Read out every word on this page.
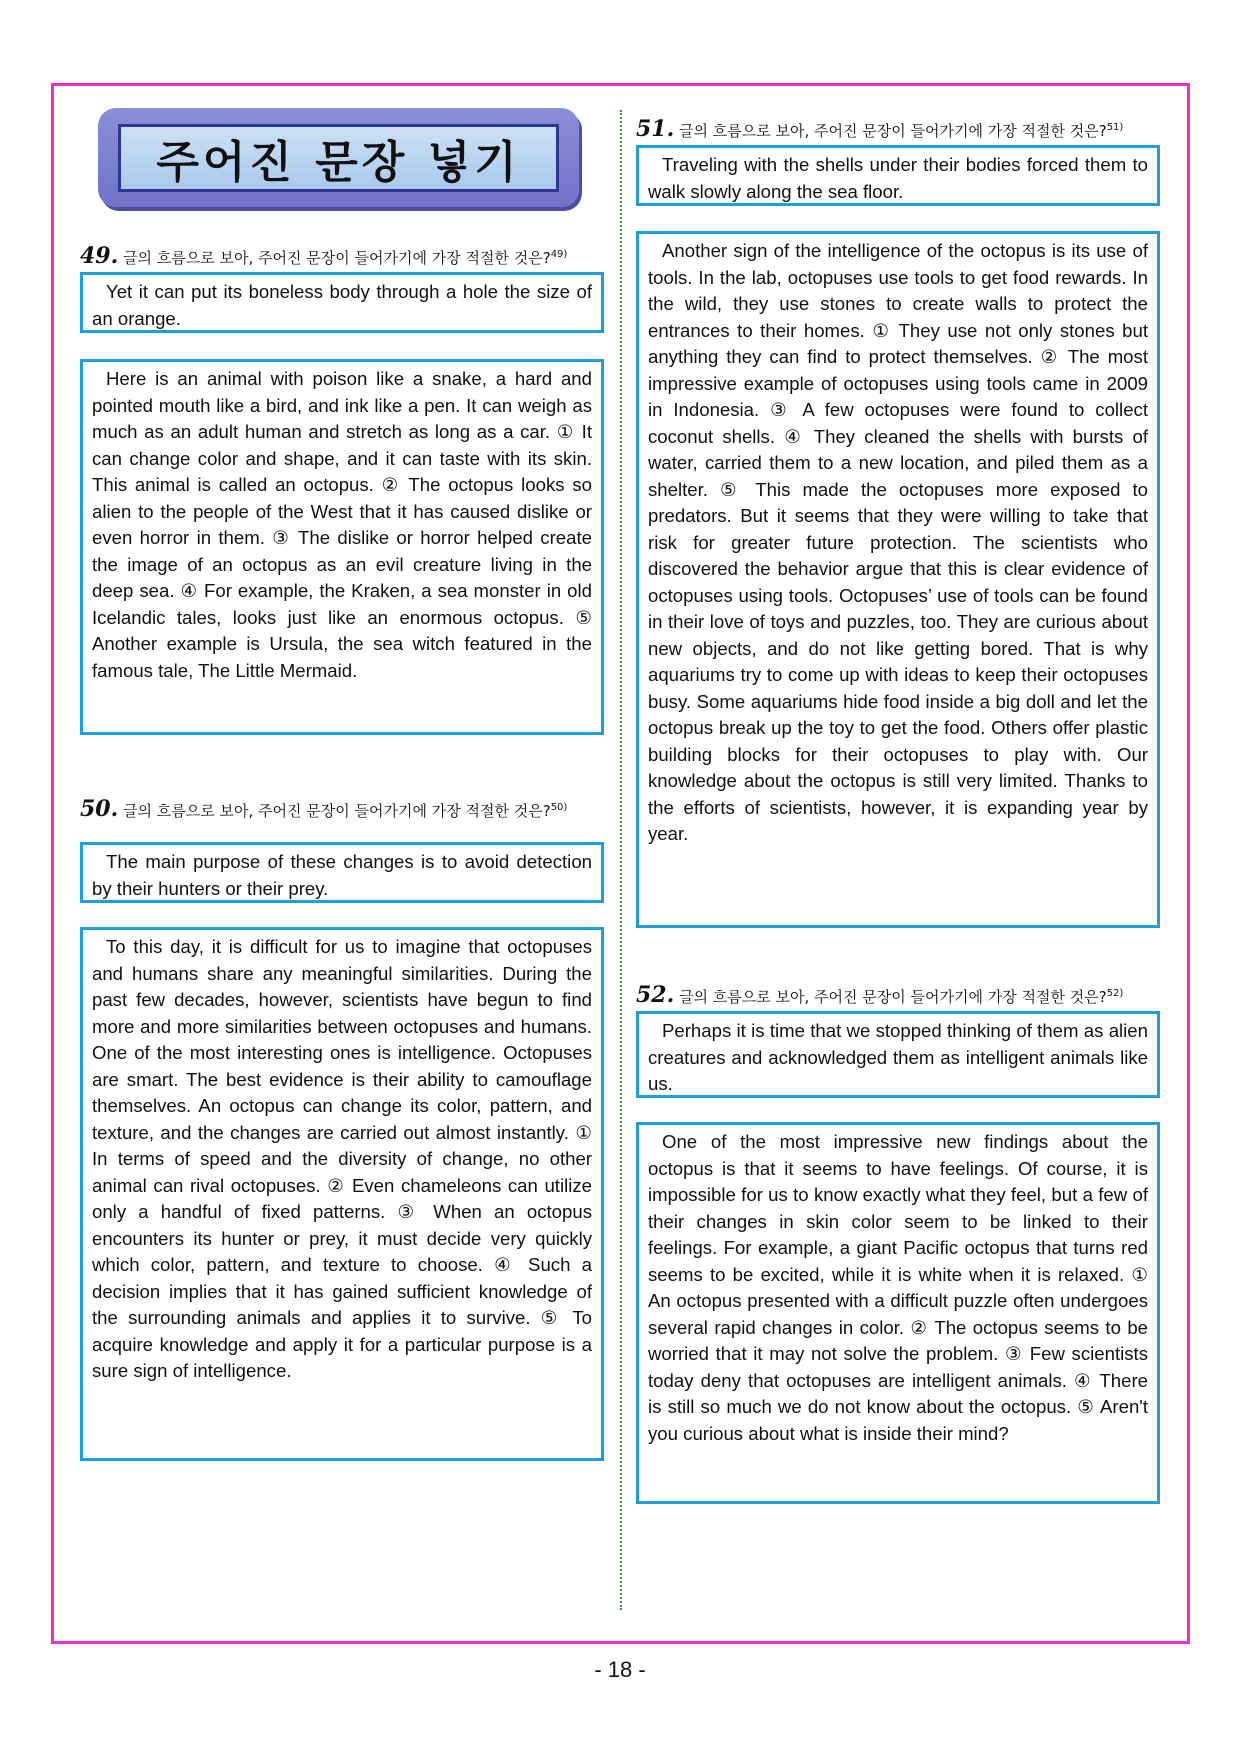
주어진 문장 넣기
49. 글의 흐름으로 보아, 주어진 문장이 들어가기에 가장 적절한 것은?$^{49)}$
Yet it can put its boneless body through a hole the size of an orange.
Here is an animal with poison like a snake, a hard and pointed mouth like a bird, and ink like a pen. It can weigh as much as an adult human and stretch as long as a car. ① It can change color and shape, and it can taste with its skin. This animal is called an octopus. ② The octopus looks so alien to the people of the West that it has caused dislike or even horror in them. ③ The dislike or horror helped create the image of an octopus as an evil creature living in the deep sea. ④ For example, the Kraken, a sea monster in old Icelandic tales, looks just like an enormous octopus. ⑤ Another example is Ursula, the sea witch featured in the famous tale, The Little Mermaid.
50. 글의 흐름으로 보아, 주어진 문장이 들어가기에 가장 적절한 것은?$^{50)}$
The main purpose of these changes is to avoid detection by their hunters or their prey.
To this day, it is difficult for us to imagine that octopuses and humans share any meaningful similarities. During the past few decades, however, scientists have begun to find more and more similarities between octopuses and humans. One of the most interesting ones is intelligence. Octopuses are smart. The best evidence is their ability to camouflage themselves. An octopus can change its color, pattern, and texture, and the changes are carried out almost instantly. ① In terms of speed and the diversity of change, no other animal can rival octopuses. ② Even chameleons can utilize only a handful of fixed patterns. ③ When an octopus encounters its hunter or prey, it must decide very quickly which color, pattern, and texture to choose. ④ Such a decision implies that it has gained sufficient knowledge of the surrounding animals and applies it to survive. ⑤ To acquire knowledge and apply it for a particular purpose is a sure sign of intelligence.
51. 글의 흐름으로 보아, 주어진 문장이 들어가기에 가장 적절한 것은?$^{51)}$
Traveling with the shells under their bodies forced them to walk slowly along the sea floor.
Another sign of the intelligence of the octopus is its use of tools. In the lab, octopuses use tools to get food rewards. In the wild, they use stones to create walls to protect the entrances to their homes. ① They use not only stones but anything they can find to protect themselves. ② The most impressive example of octopuses using tools came in 2009 in Indonesia. ③ A few octopuses were found to collect coconut shells. ④ They cleaned the shells with bursts of water, carried them to a new location, and piled them as a shelter. ⑤ This made the octopuses more exposed to predators. But it seems that they were willing to take that risk for greater future protection. The scientists who discovered the behavior argue that this is clear evidence of octopuses using tools. Octopuses’ use of tools can be found in their love of toys and puzzles, too. They are curious about new objects, and do not like getting bored. That is why aquariums try to come up with ideas to keep their octopuses busy. Some aquariums hide food inside a big doll and let the octopus break up the toy to get the food. Others offer plastic building blocks for their octopuses to play with. Our knowledge about the octopus is still very limited. Thanks to the efforts of scientists, however, it is expanding year by year.
52. 글의 흐름으로 보아, 주어진 문장이 들어가기에 가장 적절한 것은?$^{52)}$
Perhaps it is time that we stopped thinking of them as alien creatures and acknowledged them as intelligent animals like us.
One of the most impressive new findings about the octopus is that it seems to have feelings. Of course, it is impossible for us to know exactly what they feel, but a few of their changes in skin color seem to be linked to their feelings. For example, a giant Pacific octopus that turns red seems to be excited, while it is white when it is relaxed. ① An octopus presented with a difficult puzzle often undergoes several rapid changes in color. ② The octopus seems to be worried that it may not solve the problem. ③ Few scientists today deny that octopuses are intelligent animals. ④ There is still so much we do not know about the octopus. ⑤ Aren't you curious about what is inside their mind?
- 18 -
